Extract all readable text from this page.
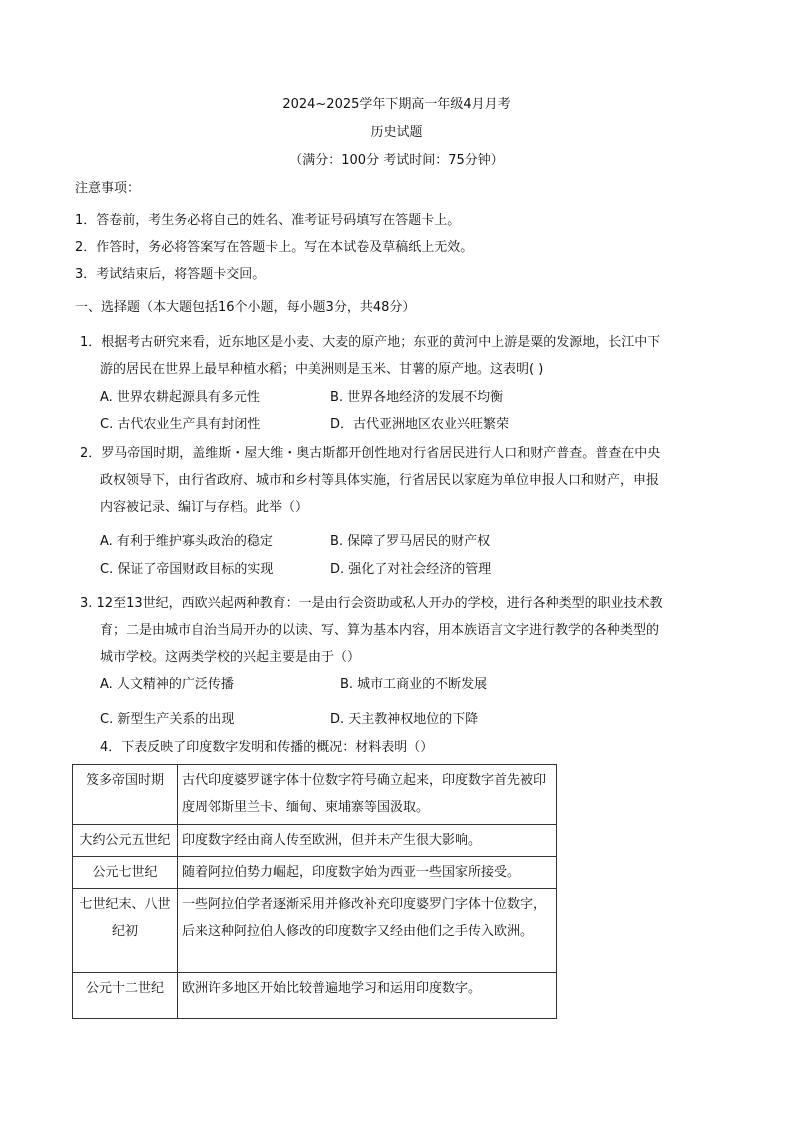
2024~2025学年下期高一年级4月月考
历史试题
（满分：100分 考试时间：75分钟）
注意事项：
1．答卷前，考生务必将自己的姓名、准考证号码填写在答题卡上。
2．作答时，务必将答案写在答题卡上。写在本试卷及草稿纸上无效。
3．考试结束后，将答题卡交回。
一、选择题（本大题包括16个小题，每小题3分，共48分）
1．根据考古研究来看，近东地区是小麦、大麦的原产地；东亚的黄河中上游是粟的发源地，长江中下
游的居民在世界上最早种植水稻；中美洲则是玉米、甘薯的原产地。这表明( )
A. 世界农耕起源具有多元性	B. 世界各地经济的发展不均衡
C. 古代农业生产具有封闭性	D．古代亚洲地区农业兴旺繁荣
2．罗马帝国时期，盖维斯・屋大维・奥古斯都开创性地对行省居民进行人口和财产普查。普查在中央
政权领导下，由行省政府、城市和乡村等具体实施，行省居民以家庭为单位申报人口和财产，申报
内容被记录、编订与存档。此举（）
A. 有利于维护寡头政治的稳定	B. 保障了罗马居民的财产权
C. 保证了帝国财政目标的实现	D. 强化了对社会经济的管理
3. 12至13世纪，西欧兴起两种教育：一是由行会资助或私人开办的学校，进行各种类型的职业技术教
育；二是由城市自治当局开办的以读、写、算为基本内容，用本族语言文字进行教学的各种类型的
城市学校。这两类学校的兴起主要是由于（）
A. 人文精神的广泛传播	B. 城市工商业的不断发展
C. 新型生产关系的出现	D. 天主教神权地位的下降
4．下表反映了印度数字发明和传播的概况：材料表明（）
笈多帝国时期	古代印度婆罗谜字体十位数字符号确立起来，印度数字首先被印度周邻斯里兰卡、缅甸、柬埔寨等国汲取。
大约公元五世纪	印度数字经由商人传至欧洲，但并未产生很大影响。
公元七世纪	随着阿拉伯势力崛起，印度数字始为西亚一些国家所接受。
七世纪末、八世纪初	一些阿拉伯学者逐渐采用并修改补充印度婆罗门字体十位数字，后来这种阿拉伯人修改的印度数字又经由他们之手传入欧洲。
公元十二世纪	欧洲许多地区开始比较普遍地学习和运用印度数字。
